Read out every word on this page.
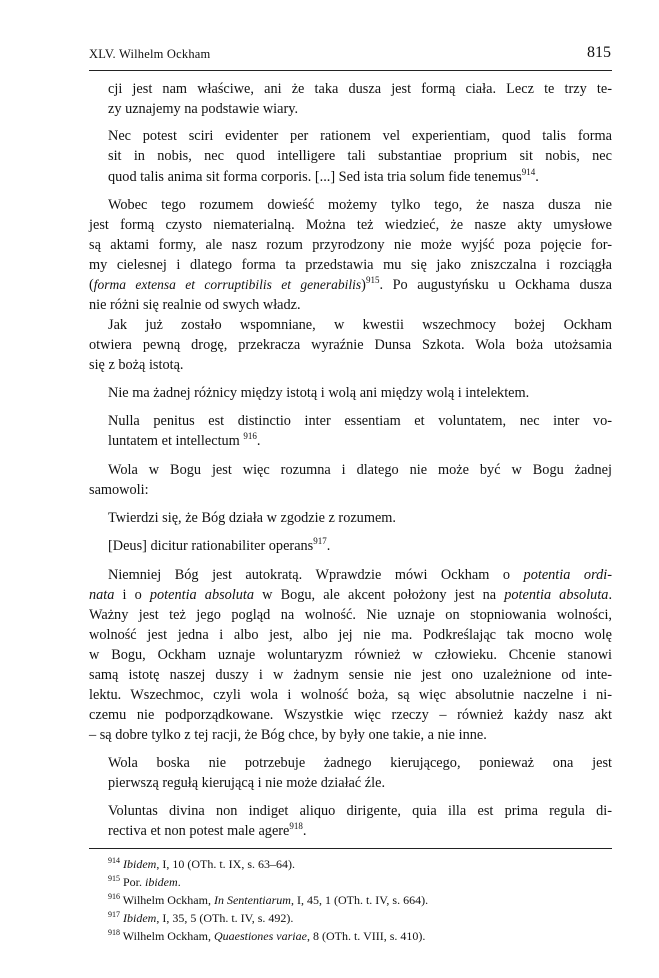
XLV. Wilhelm Ockham	815
cji jest nam właściwe, ani że taka dusza jest formą ciała. Lecz te trzy te-
zy uznajemy na podstawie wiary.
Nec potest sciri evidenter per rationem vel experientiam, quod talis forma
sit in nobis, nec quod intelligere tali substantiae proprium sit nobis, nec
quod talis anima sit forma corporis. [...] Sed ista tria solum fide tenemus$^{914}$.
Wobec tego rozumem dowieść możemy tylko tego, że nasza dusza nie
jest formą czysto niematerialną. Można też wiedzieć, że nasze akty umysłowe
są aktami formy, ale nasz rozum przyrodzony nie może wyjść poza pojęcie for-
my cielesnej i dlatego forma ta przedstawia mu się jako zniszczalna i rozciągła
(forma extensa et corruptibilis et generabilis)$^{915}$. Po augustyńsku u Ockhama dusza
nie różni się realnie od swych władz.
Jak już zostało wspomniane, w kwestii wszechmocy bożej Ockham
otwiera pewną drogę, przekracza wyraźnie Dunsa Szkota. Wola boża utożsamia
się z bożą istotą.
Nie ma żadnej różnicy między istotą i wolą ani między wolą i intelektem.
Nulla penitus est distinctio inter essentiam et voluntatem, nec inter vo-
luntatem et intellectum $^{916}$.
Wola w Bogu jest więc rozumna i dlatego nie może być w Bogu żadnej
samowoli:
Twierdzi się, że Bóg działa w zgodzie z rozumem.
[Deus] dicitur rationabiliter operans$^{917}$.
Niemniej Bóg jest autokratą. Wprawdzie mówi Ockham o potentia ordi-
nata i o potentia absoluta w Bogu, ale akcent położony jest na potentia absoluta.
Ważny jest też jego pogląd na wolność. Nie uznaje on stopniowania wolności,
wolność jest jedna i albo jest, albo jej nie ma. Podkreślając tak mocno wolę
w Bogu, Ockham uznaje woluntaryzm również w człowieku. Chcenie stanowi
samą istotę naszej duszy i w żadnym sensie nie jest ono uzależnione od inte-
lektu. Wszechmoc, czyli wola i wolność boża, są więc absolutnie naczelne i ni-
czemu nie podporządkowane. Wszystkie więc rzeczy – również każdy nasz akt
– są dobre tylko z tej racji, że Bóg chce, by były one takie, a nie inne.
Wola boska nie potrzebuje żadnego kierującego, ponieważ ona jest
pierwszą regułą kierującą i nie może działać źle.
Voluntas divina non indiget aliquo dirigente, quia illa est prima regula di-
rectiva et non potest male agere$^{918}$.
$^{914}$ Ibidem, I, 10 (OTh. t. IX, s. 63–64).
$^{915}$ Por. ibidem.
$^{916}$ Wilhelm Ockham, In Sententiarum, I, 45, 1 (OTh. t. IV, s. 664).
$^{917}$ Ibidem, I, 35, 5 (OTh. t. IV, s. 492).
$^{918}$ Wilhelm Ockham, Quaestiones variae, 8 (OTh. t. VIII, s. 410).
